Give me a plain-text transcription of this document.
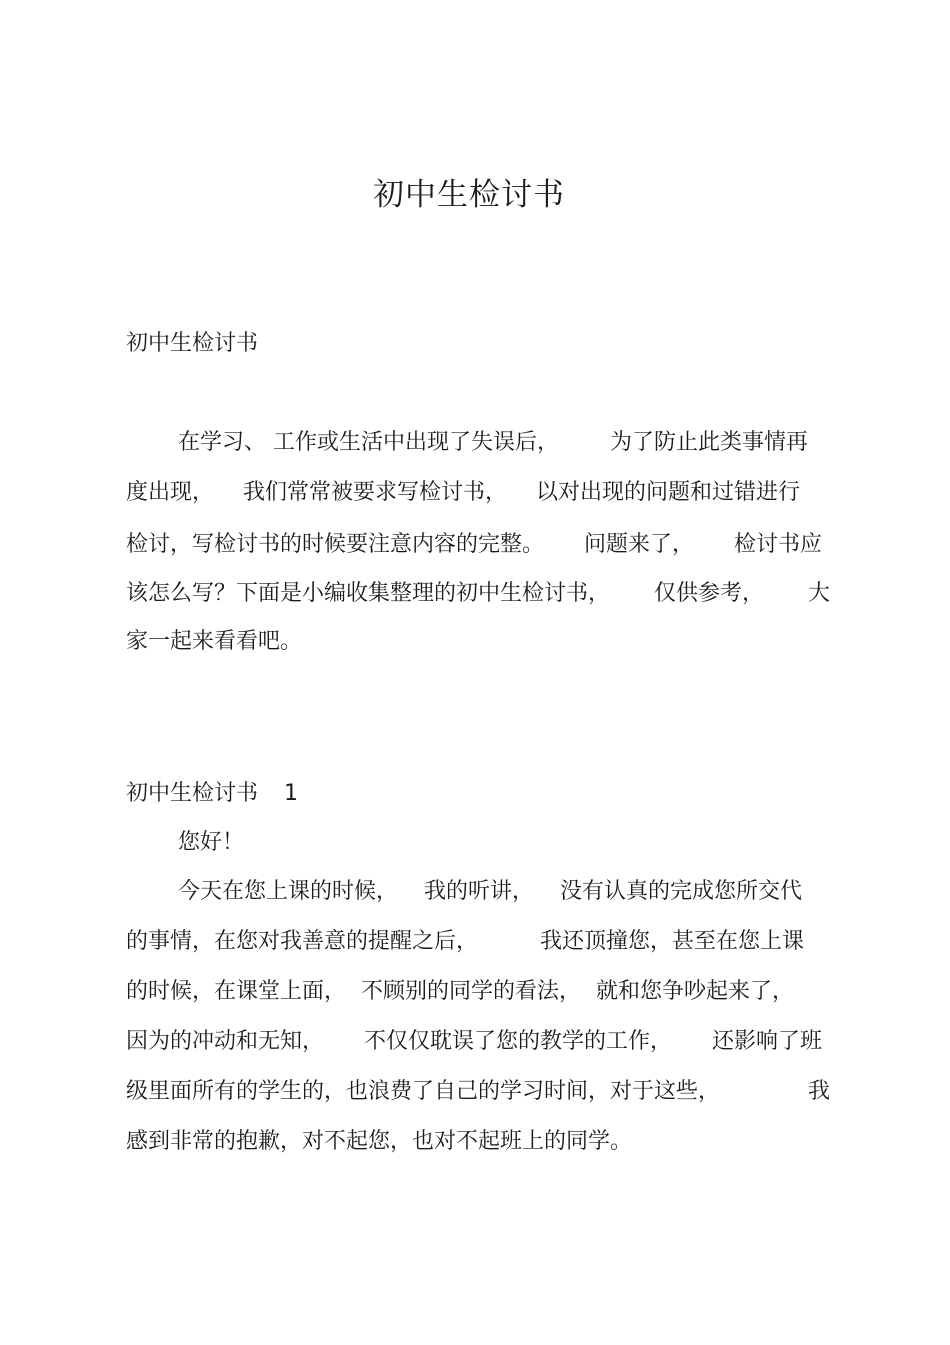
初中生检讨书
初中生检讨书
在学习、 工作或生活中出现了失误后， 为了防止此类事情再
度出现， 我们常常被要求写检讨书， 以对出现的问题和过错进行
检讨，写检讨书的时候要注意内容的完整。 问题来了， 检讨书应
该怎么写？下面是小编收集整理的初中生检讨书， 仅供参考， 大
家一起来看看吧。
初中生检讨书 1
您好！
今天在您上课的时候， 我的听讲， 没有认真的完成您所交代
的事情，在您对我善意的提醒之后，	我还顶撞您，甚至在您上课
的时候，在课堂上面， 不顾别的同学的看法， 就和您争吵起来了，
因为的冲动和无知， 不仅仅耽误了您的教学的工作， 还影响了班
级里面所有的学生的，也浪费了自己的学习时间，对于这些，	我
感到非常的抱歉，对不起您，也对不起班上的同学。
